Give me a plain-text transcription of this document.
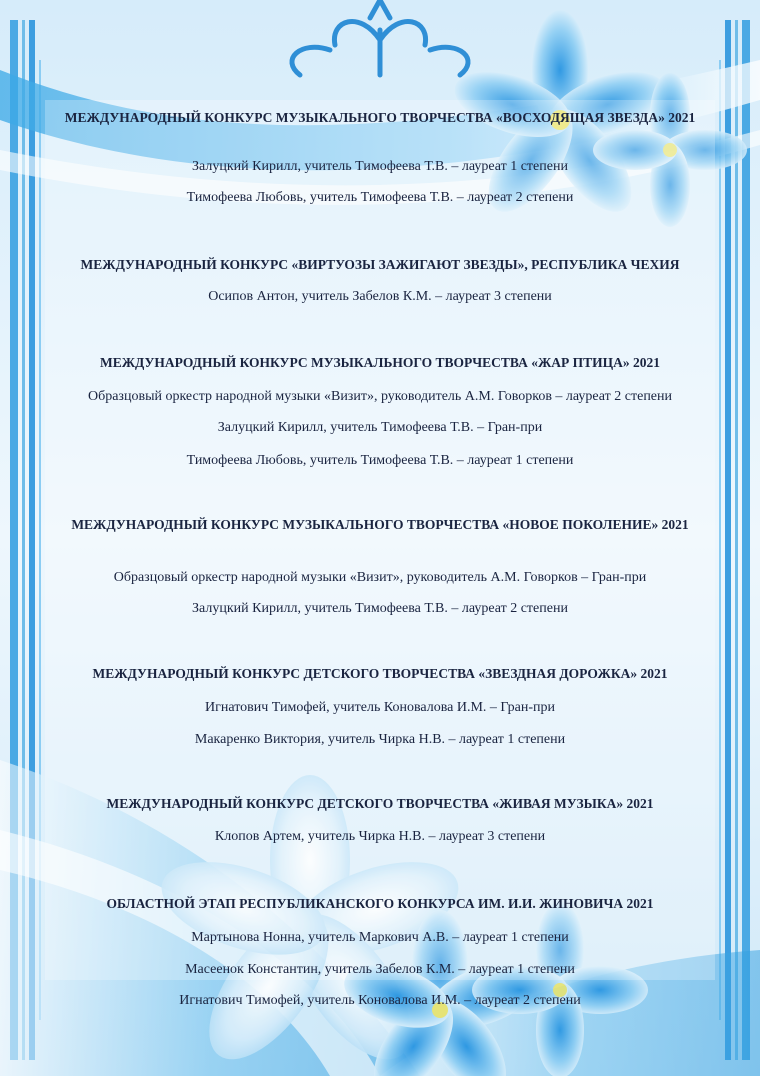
МЕЖДУНАРОДНЫЙ КОНКУРС МУЗЫКАЛЬНОГО ТВОРЧЕСТВА «ВОСХОДЯЩАЯ ЗВЕЗДА» 2021
Залуцкий Кирилл, учитель Тимофеева Т.В. – лауреат 1 степени
Тимофеева Любовь, учитель Тимофеева Т.В. – лауреат 2 степени
МЕЖДУНАРОДНЫЙ КОНКУРС «ВИРТУОЗЫ ЗАЖИГАЮТ ЗВЕЗДЫ», РЕСПУБЛИКА ЧЕХИЯ
Осипов Антон, учитель Забелов К.М. – лауреат 3 степени
МЕЖДУНАРОДНЫЙ КОНКУРС МУЗЫКАЛЬНОГО ТВОРЧЕСТВА «ЖАР ПТИЦА» 2021
Образцовый оркестр народной музыки «Визит», руководитель А.М. Говорков – лауреат 2 степени
Залуцкий Кирилл, учитель Тимофеева Т.В. – Гран-при
Тимофеева Любовь, учитель Тимофеева Т.В. – лауреат 1 степени
МЕЖДУНАРОДНЫЙ КОНКУРС МУЗЫКАЛЬНОГО ТВОРЧЕСТВА «НОВОЕ ПОКОЛЕНИЕ» 2021
Образцовый оркестр народной музыки «Визит», руководитель А.М. Говорков – Гран-при
Залуцкий Кирилл, учитель Тимофеева Т.В. – лауреат 2 степени
МЕЖДУНАРОДНЫЙ КОНКУРС ДЕТСКОГО ТВОРЧЕСТВА «ЗВЕЗДНАЯ ДОРОЖКА» 2021
Игнатович Тимофей, учитель Коновалова И.М. – Гран-при
Макаренко Виктория, учитель Чирка Н.В. – лауреат 1 степени
МЕЖДУНАРОДНЫЙ КОНКУРС ДЕТСКОГО ТВОРЧЕСТВА «ЖИВАЯ МУЗЫКА» 2021
Клопов Артем, учитель Чирка Н.В. – лауреат 3 степени
ОБЛАСТНОЙ ЭТАП РЕСПУБЛИКАНСКОГО КОНКУРСА ИМ. И.И. ЖИНОВИЧА 2021
Мартынова Нонна, учитель Маркович А.В. – лауреат 1 степени
Масеенок Константин, учитель Забелов К.М. – лауреат 1 степени
Игнатович Тимофей, учитель Коновалова И.М. – лауреат 2 степени
